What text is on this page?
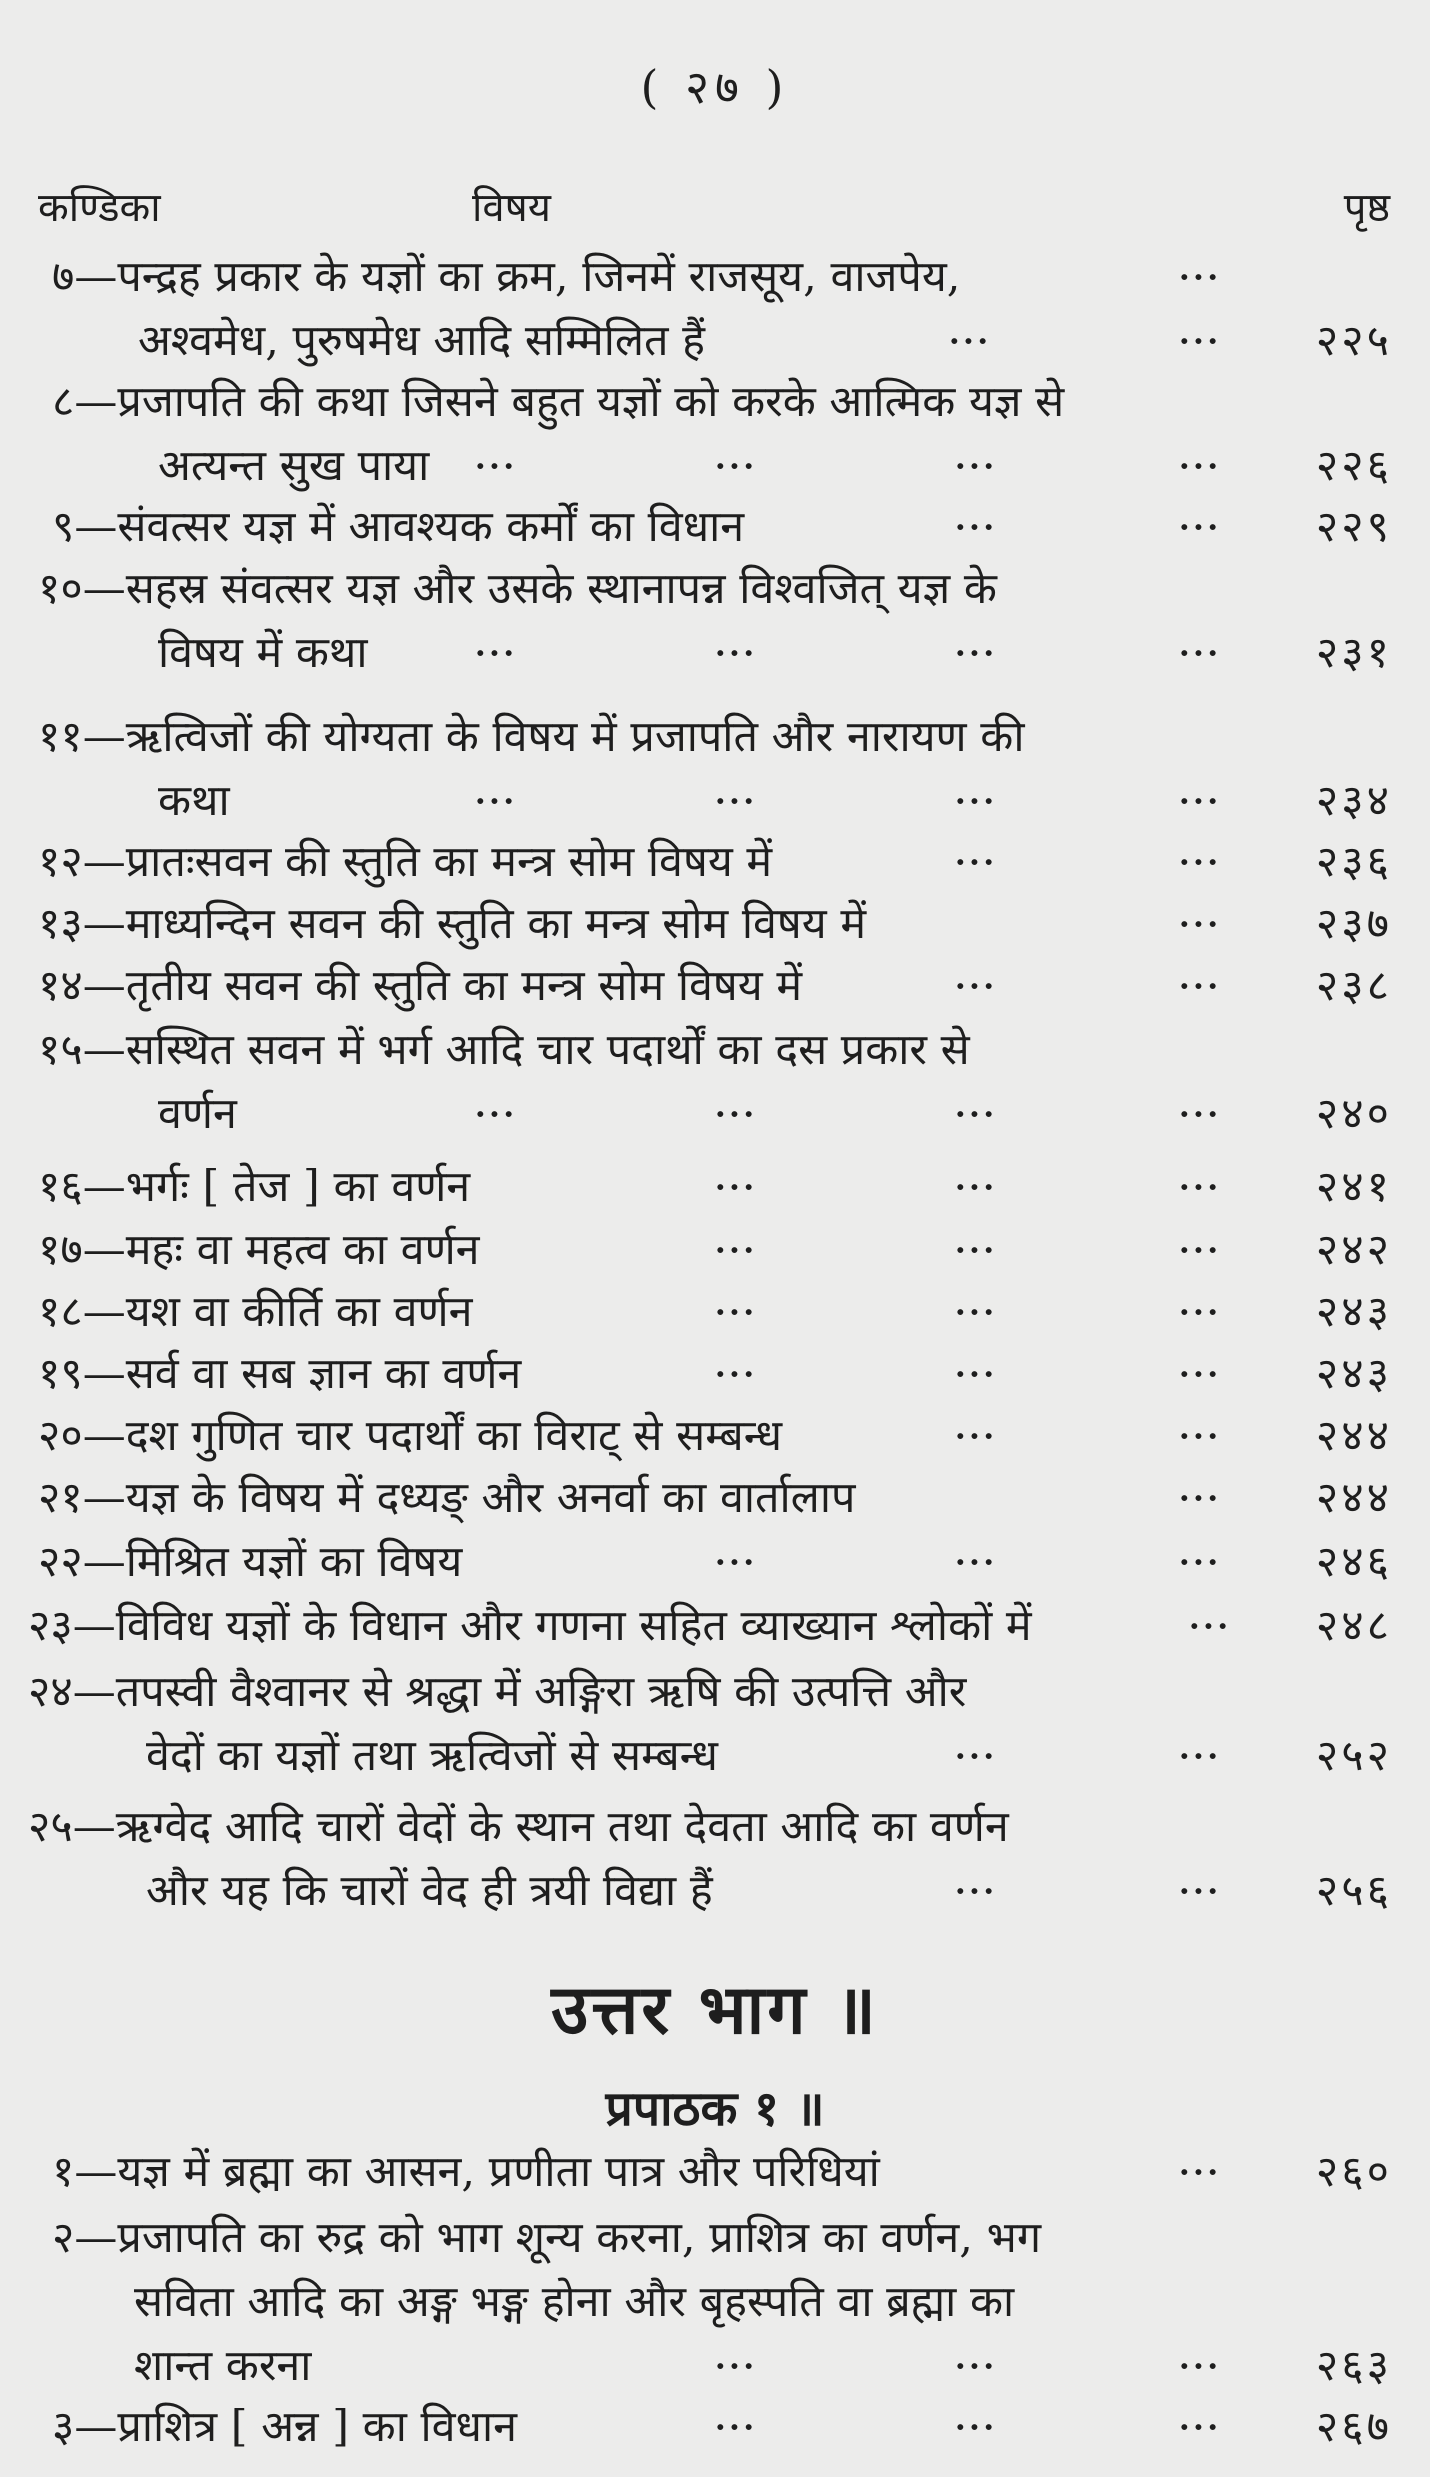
( २७ )
कण्डिका	विषय	पृष्ठ
७—पन्द्रह प्रकार के यज्ञों का क्रम, जिनमें राजसूय, वाजपेय,	···
अश्वमेध, पुरुषमेध आदि सम्मिलित हैं	···	···	२२५
८—प्रजापति की कथा जिसने बहुत यज्ञों को करके आत्मिक यज्ञ से
अत्यन्त सुख पाया ···	···	···	···	२२६
९—संवत्सर यज्ञ में आवश्यक कर्मों का विधान	···	···	२२९
१०—सहस्र संवत्सर यज्ञ और उसके स्थानापन्न विश्वजित् यज्ञ के
विषय में कथा	···	···	···	···	२३१
११—ऋत्विजों की योग्यता के विषय में प्रजापति और नारायण की
कथा	···	···	···	···	२३४
१२—प्रातःसवन की स्तुति का मन्त्र सोम विषय में	···	···	२३६
१३—माध्यन्दिन सवन की स्तुति का मन्त्र सोम विषय में	···	२३७
१४—तृतीय सवन की स्तुति का मन्त्र सोम विषय में	···	···	२३८
१५—सस्थित सवन में भर्ग आदि चार पदार्थों का दस प्रकार से
वर्णन	···	···	···	···	२४०
१६—भर्गः [ तेज ] का वर्णन	···	···	···	२४१
१७—महः वा महत्व का वर्णन	···	···	···	२४२
१८—यश वा कीर्ति का वर्णन	···	···	···	२४३
१९—सर्व वा सब ज्ञान का वर्णन	···	···	···	२४३
२०—दश गुणित चार पदार्थों का विराट् से सम्बन्ध	···	···	२४४
२१—यज्ञ के विषय में दध्यङ् और अनर्वा का वार्तालाप	···	२४४
२२—मिश्रित यज्ञों का विषय	···	···	···	२४६
२३—विविध यज्ञों के विधान और गणना सहित व्याख्यान श्लोकों में	···	२४८
२४—तपस्वी वैश्वानर से श्रद्धा में अङ्गिरा ऋषि की उत्पत्ति और
वेदों का यज्ञों तथा ऋत्विजों से सम्बन्ध	···	···	२५२
२५—ऋग्वेद आदि चारों वेदों के स्थान तथा देवता आदि का वर्णन
और यह कि चारों वेद ही त्रयी विद्या हैं	···	···	२५६
१—यज्ञ में ब्रह्मा का आसन, प्रणीता पात्र और परिधियां	···	२६०
२—प्रजापति का रुद्र को भाग शून्य करना, प्राशित्र का वर्णन, भग
सविता आदि का अङ्ग भङ्ग होना और बृहस्पति वा ब्रह्मा का
शान्त करना	···	···	···	२६३
३—प्राशित्र [ अन्न ] का विधान	···	···	···	२६७
उत्तर भाग ॥
प्रपाठक १ ॥
